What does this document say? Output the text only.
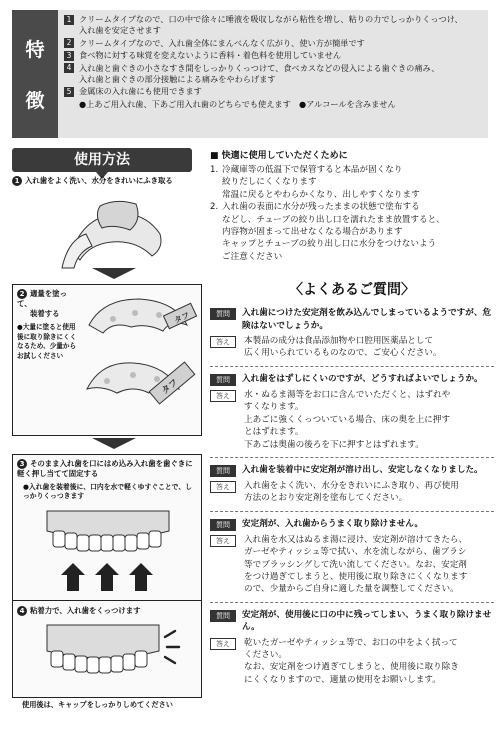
特
徴
1 クリームタイプなので、口の中で徐々に唾液を吸収しながら粘性を増し、粘りの力でしっかりくっつけ、
入れ歯を安定させます
2 クリームタイプなので、入れ歯全体にまんべんなく広がり、使い方が簡単です
3 食べ物に対する味覚を変えないように香料・着色料を使用していません
4 入れ歯と歯ぐきの小さなすき間をしっかりくっつけて、食べカスなどの侵入による歯ぐきの痛み、
入れ歯と歯ぐきの部分接触による痛みをやわらげます
5 金属床の入れ歯にも使用できます
●上あご用入れ歯、下あご用入れ歯のどちらでも使えます　●アルコールを含みません
使用方法
1 入れ歯をよく洗い、水分をきれいにふき取る
2 適量を塗って、
装着する
●大量に塗ると使用後に取り除きにくくなるため、少量からお試しください
タフ
タフ
3 そのまま入れ歯を口にはめ込み入れ歯を歯ぐきに軽く押し当てて固定する
●入れ歯を装着後に、口内を水で軽くゆすぐことで、しっかりくっつきます
4 粘着力で、入れ歯をくっつけます
使用後は、キャップをしっかりしめてください
■ 快適に使用していただくために
1. 冷蔵庫等の低温下で保管すると本品が固くなり
絞りだしにくくなります
常温に戻るとやわらかくなり、出しやすくなります
2. 入れ歯の表面に水分が残ったままの状態で塗布する
などし、チューブの絞り出し口を濡れたまま放置すると、
内容物が固まって出せなくなる場合があります
キャップとチューブの絞り出し口に水分をつけないよう
ご注意ください
〈よくあるご質問〉
質問	入れ歯につけた安定剤を飲み込んでしまっているようですが、危険はないでしょうか。
答え	本製品の成分は食品添加物や口腔用医薬品として
広く用いられているものなので、ご安心ください。
質問	入れ歯をはずしにくいのですが、どうすればよいでしょうか。
答え	水・ぬるま湯等をお口に含んでいただくと、はずれや
すくなります。
上あごに強くくっついている場合、床の奥を上に押す
とはずれます。
下あごは奥歯の後ろを下に押すとはずれます。
質問	入れ歯を装着中に安定剤が溶け出し、安定しなくなりました。
答え	入れ歯をよく洗い、水分をきれいにふき取り、再び使用
方法のとおり安定剤を塗布してください。
質問	安定剤が、入れ歯からうまく取り除けません。
答え	入れ歯を水又はぬるま湯に浸け、安定剤が溶けてきたら、
ガーゼやティッシュ等で拭い、水を流しながら、歯ブラシ
等でブラッシングして洗い流してください。なお、安定剤
をつけ過ぎてしまうと、使用後に取り除きにくくなります
ので、少量からご自身に適した量を調整してください。
質問	安定剤が、使用後に口の中に残ってしまい、うまく取り除けません。
答え	乾いたガーゼやティッシュ等で、お口の中をよく拭って
ください。
なお、安定剤をつけ過ぎてしまうと、使用後に取り除き
にくくなりますので、適量の使用をお願いします。
